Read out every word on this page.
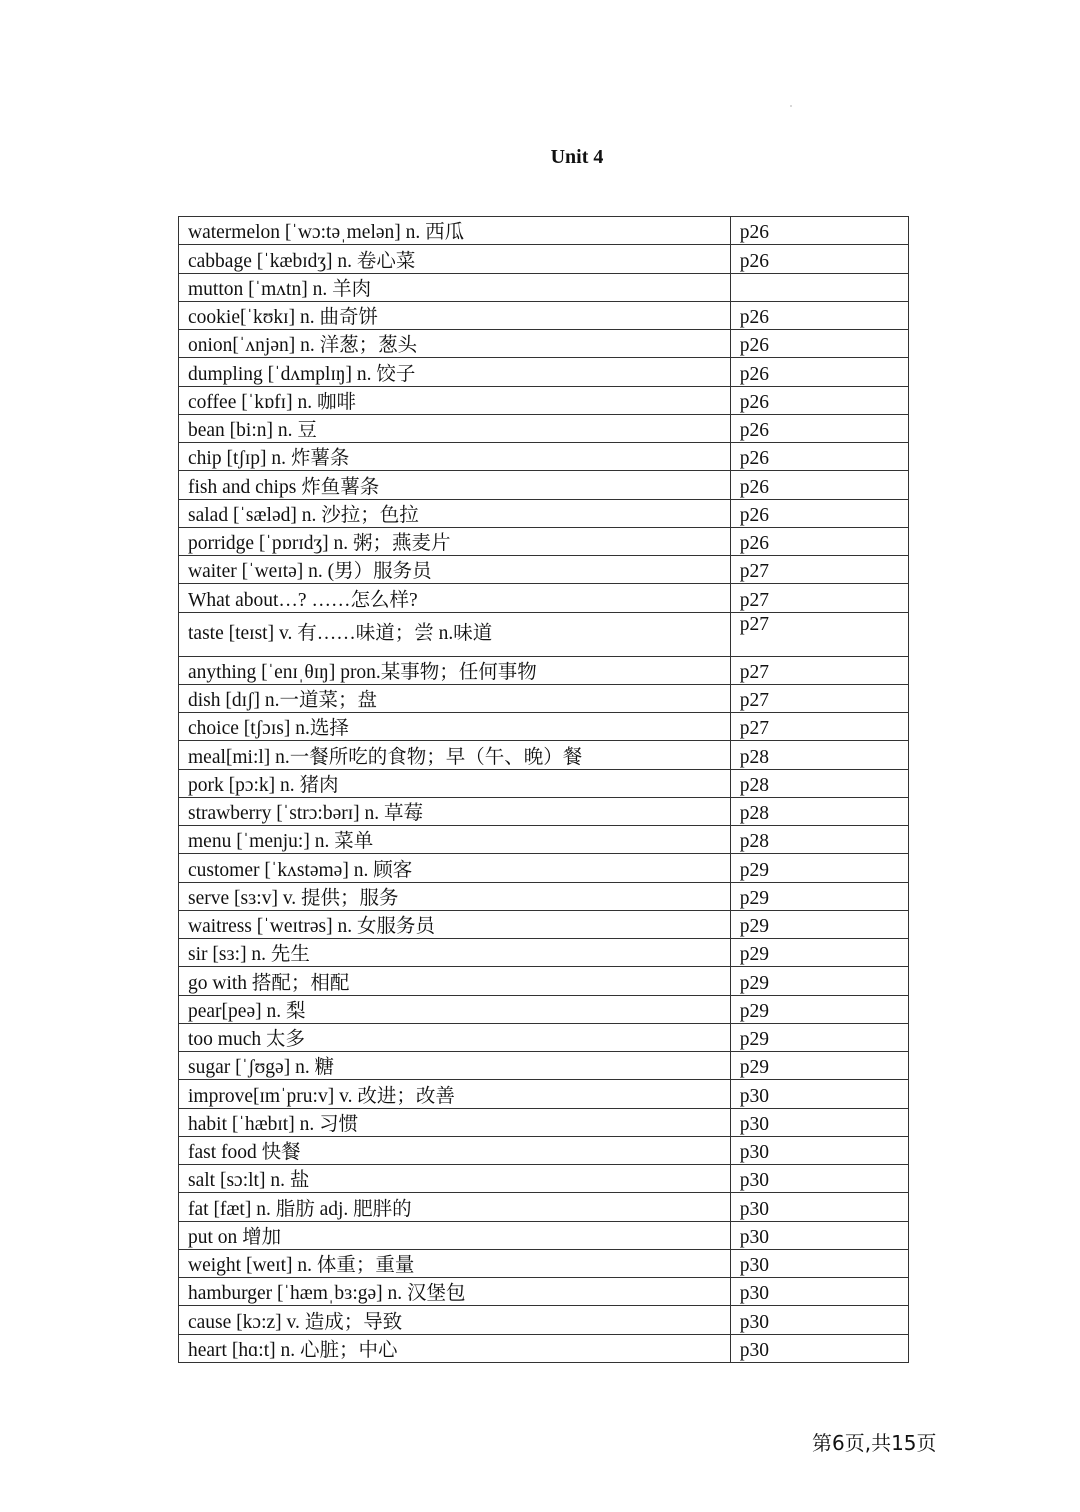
Unit 4
watermelon [ˈwɔ:təˌmelən] n. 西瓜	p26
cabbage [ˈkæbɪdʒ] n. 卷心菜	p26
mutton [ˈmʌtn] n. 羊肉	
cookie[ˈkʊkɪ] n. 曲奇饼	p26
onion[ˈʌnjən] n. 洋葱；葱头	p26
dumpling [ˈdʌmplɪŋ] n. 饺子	p26
coffee [ˈkɒfɪ] n. 咖啡	p26
bean [bi:n] n. 豆	p26
chip [tʃɪp] n. 炸薯条	p26
fish and chips 炸鱼薯条	p26
salad [ˈsæləd] n. 沙拉；色拉	p26
porridge [ˈpɒrɪdʒ] n. 粥；燕麦片	p26
waiter [ˈweɪtə] n. (男）服务员	p27
What about…? ……怎么样?	p27
taste [teɪst] v. 有……味道；尝 n.味道	p27
anything [ˈenɪˌθɪŋ] pron.某事物；任何事物	p27
dish [dɪʃ] n.一道菜；盘	p27
choice [tʃɔɪs] n.选择	p27
meal[mi:l] n.一餐所吃的食物；早（午、晚）餐	p28
pork [pɔ:k] n. 猪肉	p28
strawberry [ˈstrɔ:bərɪ] n. 草莓	p28
menu [ˈmenju:] n. 菜单	p28
customer [ˈkʌstəmə] n. 顾客	p29
serve [sɜ:v] v. 提供；服务	p29
waitress [ˈweɪtrəs] n. 女服务员	p29
sir [sɜ:] n. 先生	p29
go with 搭配；相配	p29
pear[peə] n. 梨	p29
too much 太多	p29
sugar [ˈʃʊgə] n. 糖	p29
improve[ɪmˈpru:v] v. 改进；改善	p30
habit [ˈhæbɪt] n. 习惯	p30
fast food 快餐	p30
salt [sɔ:lt] n. 盐	p30
fat [fæt] n. 脂肪 adj. 肥胖的	p30
put on 增加	p30
weight [weɪt] n. 体重；重量	p30
hamburger [ˈhæmˌbɜ:gə] n. 汉堡包	p30
cause [kɔ:z] v. 造成；导致	p30
heart [hɑ:t] n. 心脏；中心	p30
第6页,共15页
